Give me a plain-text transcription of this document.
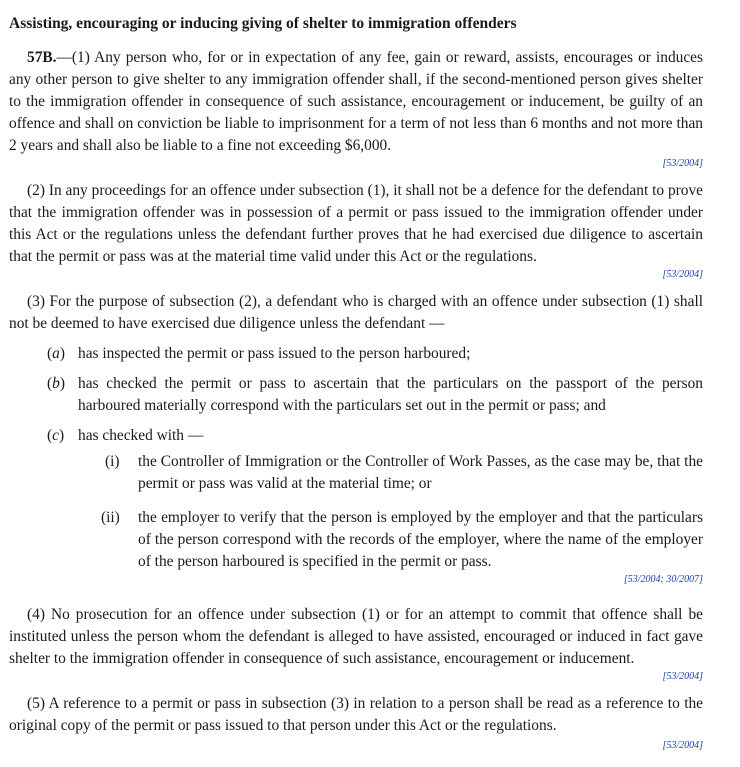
Assisting, encouraging or inducing giving of shelter to immigration offenders
57B.—(1) Any person who, for or in expectation of any fee, gain or reward, assists, encourages or induces any other person to give shelter to any immigration offender shall, if the second-mentioned person gives shelter to the immigration offender in consequence of such assistance, encouragement or inducement, be guilty of an offence and shall on conviction be liable to imprisonment for a term of not less than 6 months and not more than 2 years and shall also be liable to a fine not exceeding $6,000.
[53/2004]
(2) In any proceedings for an offence under subsection (1), it shall not be a defence for the defendant to prove that the immigration offender was in possession of a permit or pass issued to the immigration offender under this Act or the regulations unless the defendant further proves that he had exercised due diligence to ascertain that the permit or pass was at the material time valid under this Act or the regulations.
[53/2004]
(3) For the purpose of subsection (2), a defendant who is charged with an offence under subsection (1) shall not be deemed to have exercised due diligence unless the defendant —
(a) has inspected the permit or pass issued to the person harboured;
(b) has checked the permit or pass to ascertain that the particulars on the passport of the person harboured materially correspond with the particulars set out in the permit or pass; and
(c) has checked with —
(i) the Controller of Immigration or the Controller of Work Passes, as the case may be, that the permit or pass was valid at the material time; or
(ii) the employer to verify that the person is employed by the employer and that the particulars of the person correspond with the records of the employer, where the name of the employer of the person harboured is specified in the permit or pass.
[53/2004; 30/2007]
(4) No prosecution for an offence under subsection (1) or for an attempt to commit that offence shall be instituted unless the person whom the defendant is alleged to have assisted, encouraged or induced in fact gave shelter to the immigration offender in consequence of such assistance, encouragement or inducement.
[53/2004]
(5) A reference to a permit or pass in subsection (3) in relation to a person shall be read as a reference to the original copy of the permit or pass issued to that person under this Act or the regulations.
[53/2004]
